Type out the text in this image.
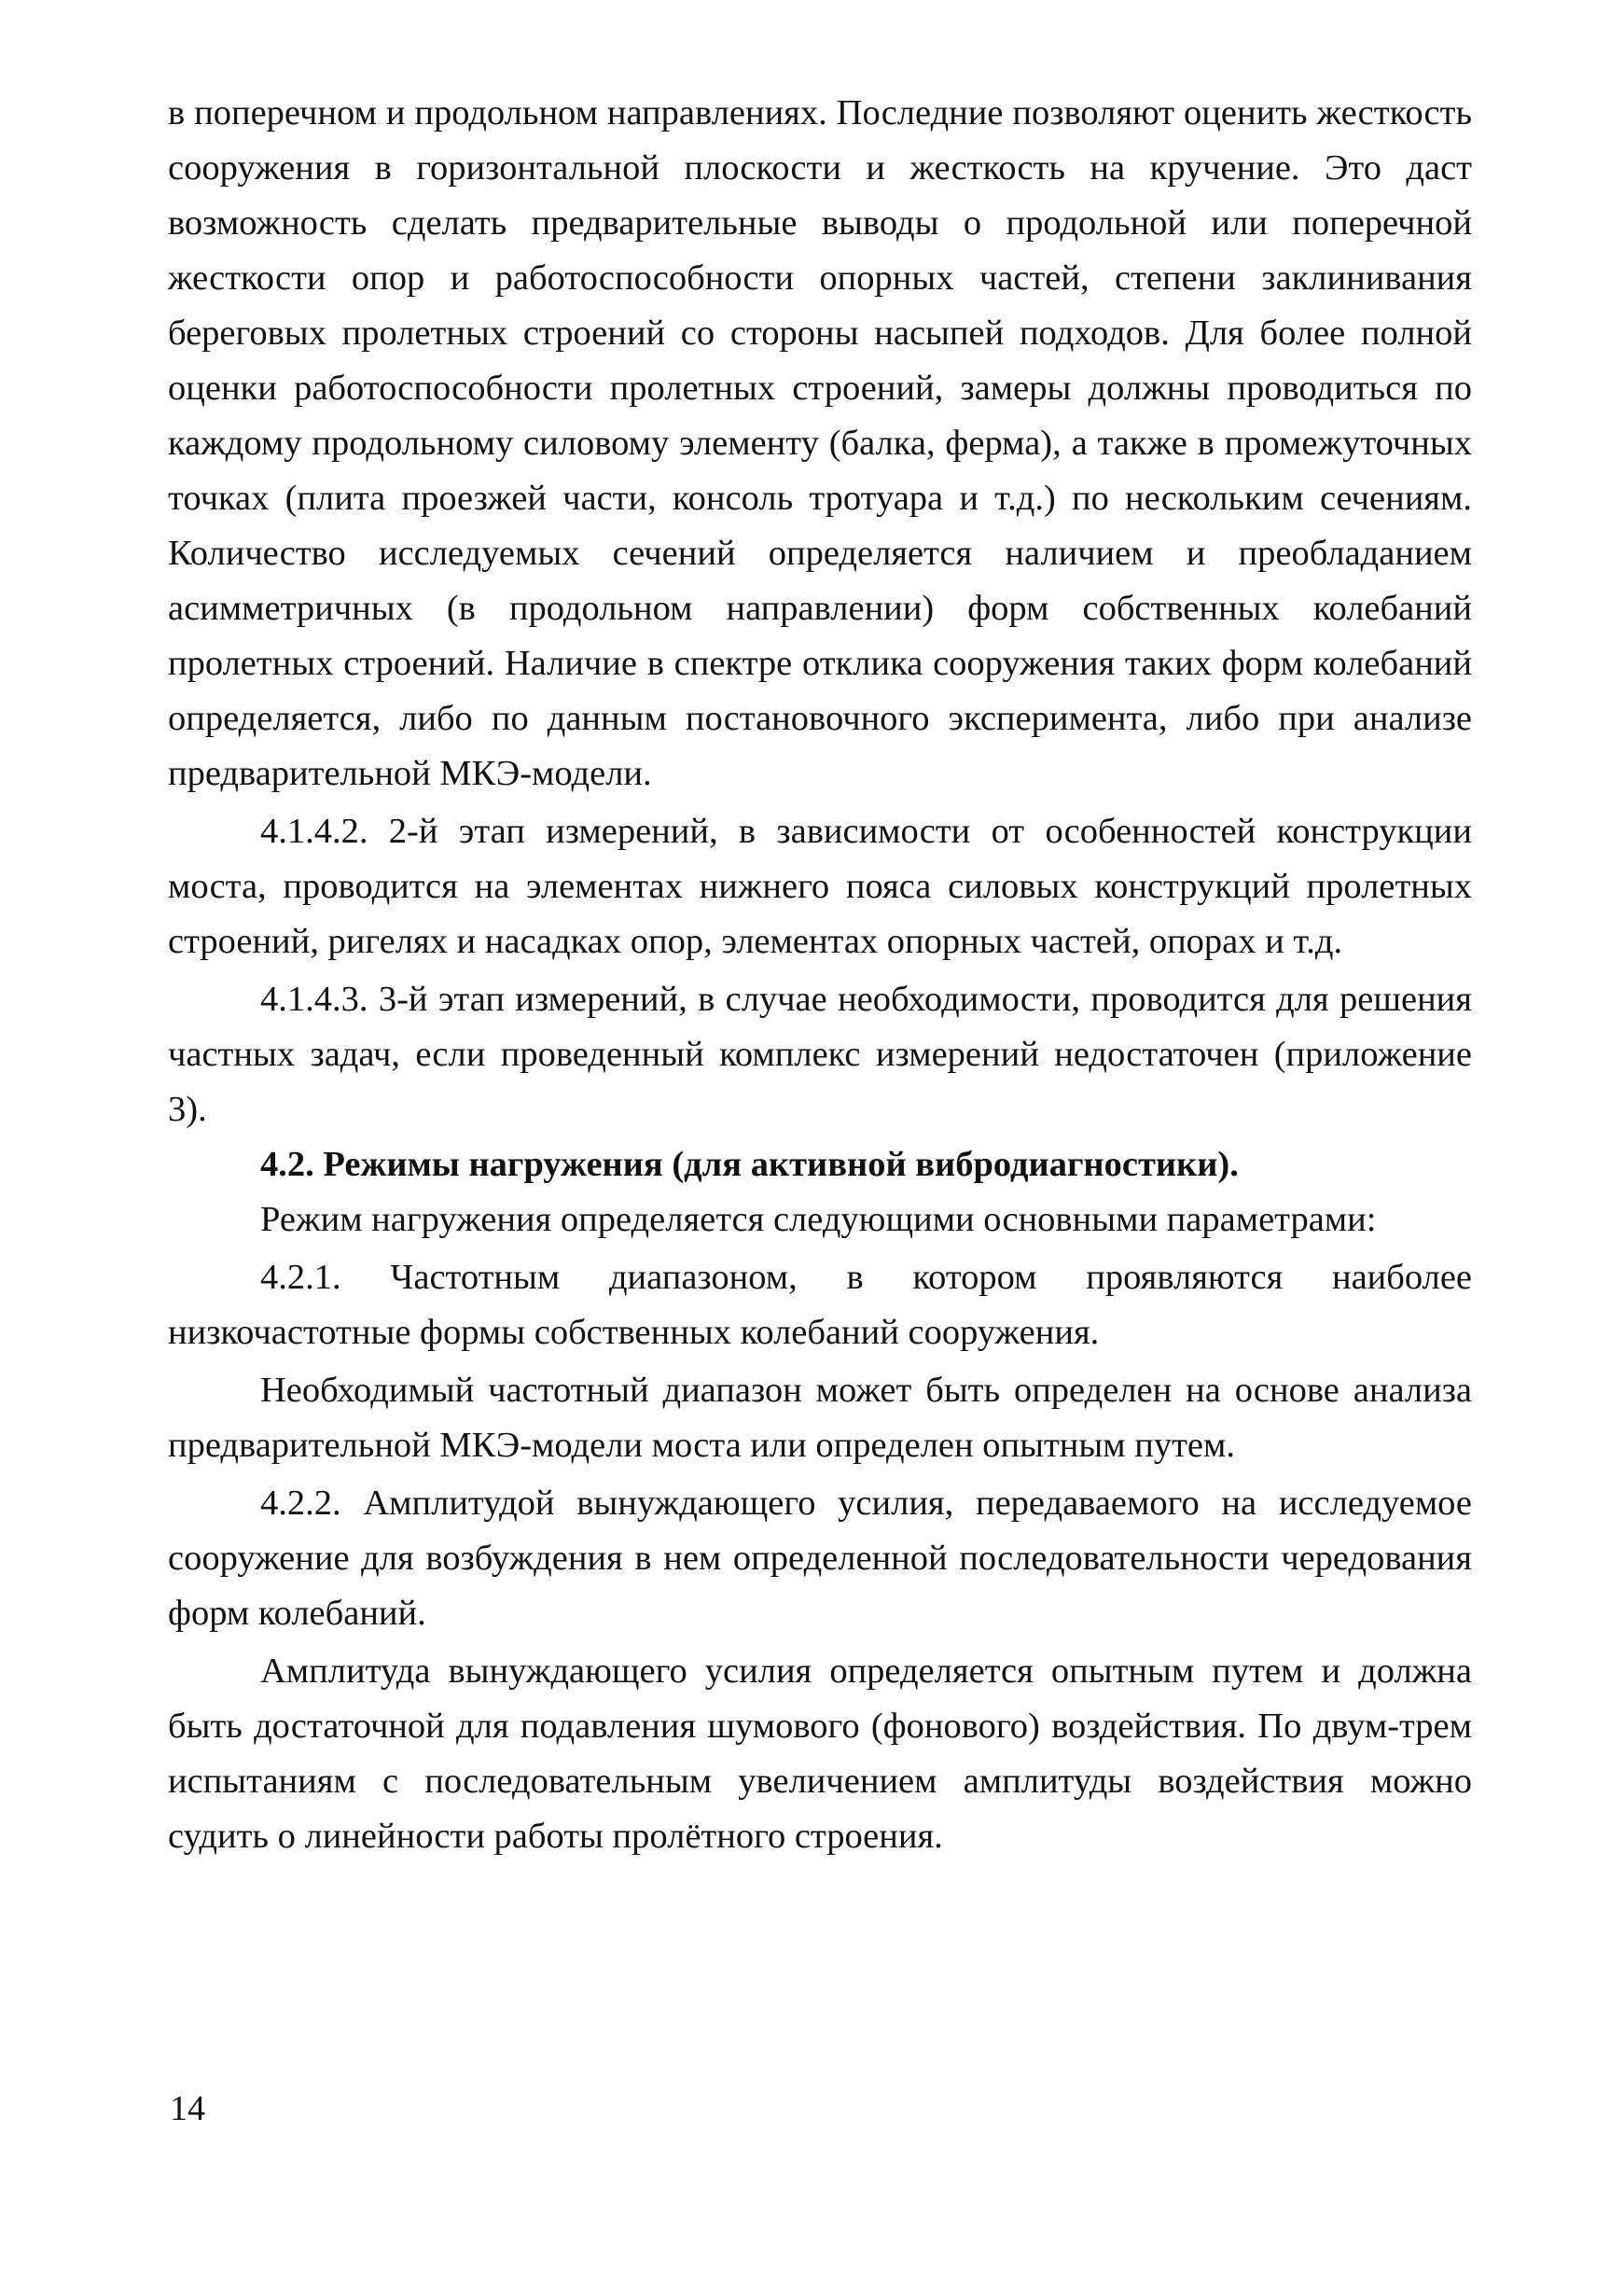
в поперечном и продольном направлениях. Последние позволяют оценить жесткость сооружения в горизонтальной плоскости и жесткость на кручение. Это даст возможность сделать предварительные выводы о продольной или поперечной жесткости опор и работоспособности опорных частей, степени заклинивания береговых пролетных строений со стороны насыпей подходов. Для более полной оценки работоспособности пролетных строений, замеры должны проводиться по каждому продольному силовому элементу (балка, ферма), а также в промежуточных точках (плита проезжей части, консоль тротуара и т.д.) по нескольким сечениям. Количество исследуемых сечений определяется наличием и преобладанием асимметричных (в продольном направлении) форм собственных колебаний пролетных строений. Наличие в спектре отклика сооружения таких форм колебаний определяется, либо по данным постановочного эксперимента, либо при анализе предварительной МКЭ-модели.

4.1.4.2. 2-й этап измерений, в зависимости от особенностей конструкции моста, проводится на элементах нижнего пояса силовых конструкций пролетных строений, ригелях и насадках опор, элементах опорных частей, опорах и т.д.

4.1.4.3. 3-й этап измерений, в случае необходимости, проводится для решения частных задач, если проведенный комплекс измерений недостаточен (приложение 3).

4.2. Режимы нагружения (для активной вибродиагностики).

Режим нагружения определяется следующими основными параметрами:

4.2.1. Частотным диапазоном, в котором проявляются наиболее низкочастотные формы собственных колебаний сооружения.

Необходимый частотный диапазон может быть определен на основе анализа предварительной МКЭ-модели моста или определен опытным путем.

4.2.2. Амплитудой вынуждающего усилия, передаваемого на исследуемое сооружение для возбуждения в нем определенной последовательности чередования форм колебаний.

Амплитуда вынуждающего усилия определяется опытным путем и должна быть достаточной для подавления шумового (фонового) воздействия. По двум-трем испытаниям с последовательным увеличением амплитуды воздействия можно судить о линейности работы пролётного строения.

14
